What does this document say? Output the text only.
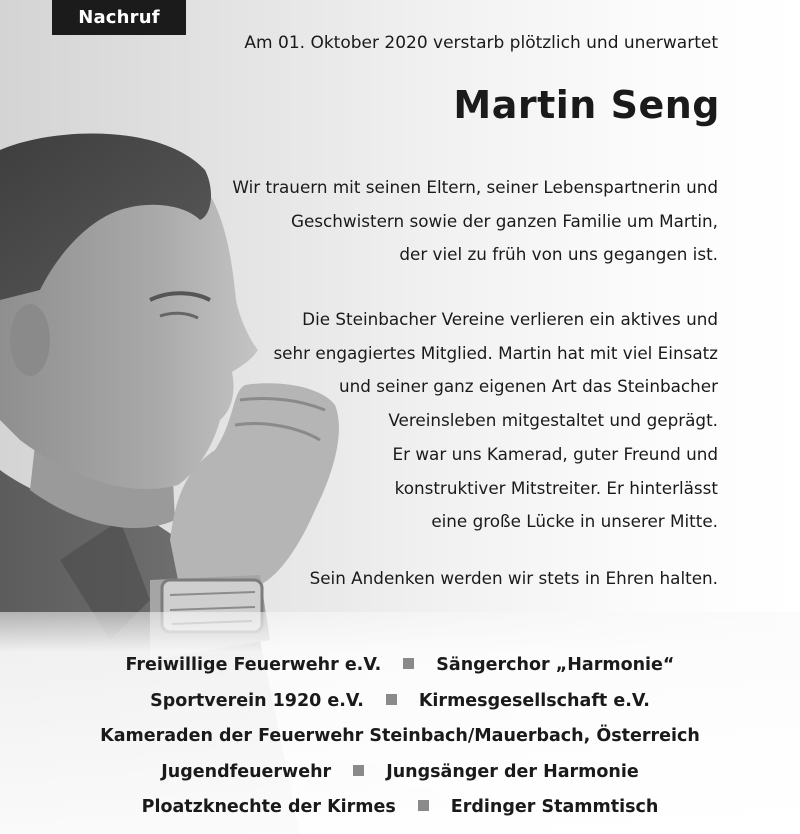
Nachruf
Am 01. Oktober 2020 verstarb plötzlich und unerwartet
Martin Seng
Wir trauern mit seinen Eltern, seiner Lebenspartnerin und
Geschwistern sowie der ganzen Familie um Martin,
der viel zu früh von uns gegangen ist.
Die Steinbacher Vereine verlieren ein aktives und
sehr engagiertes Mitglied. Martin hat mit viel Einsatz
und seiner ganz eigenen Art das Steinbacher
Vereinsleben mitgestaltet und geprägt.
Er war uns Kamerad, guter Freund und
konstruktiver Mitstreiter. Er hinterlässt
eine große Lücke in unserer Mitte.
Sein Andenken werden wir stets in Ehren halten.
Freiwillige Feuerwehr e.V.	Sängerchor „Harmonie“
Sportverein 1920 e.V.	Kirmesgesellschaft e.V.
Kameraden der Feuerwehr Steinbach/Mauerbach, Österreich
Jugendfeuerwehr	Jungsänger der Harmonie
Ploatzknechte der Kirmes	Erdinger Stammtisch
